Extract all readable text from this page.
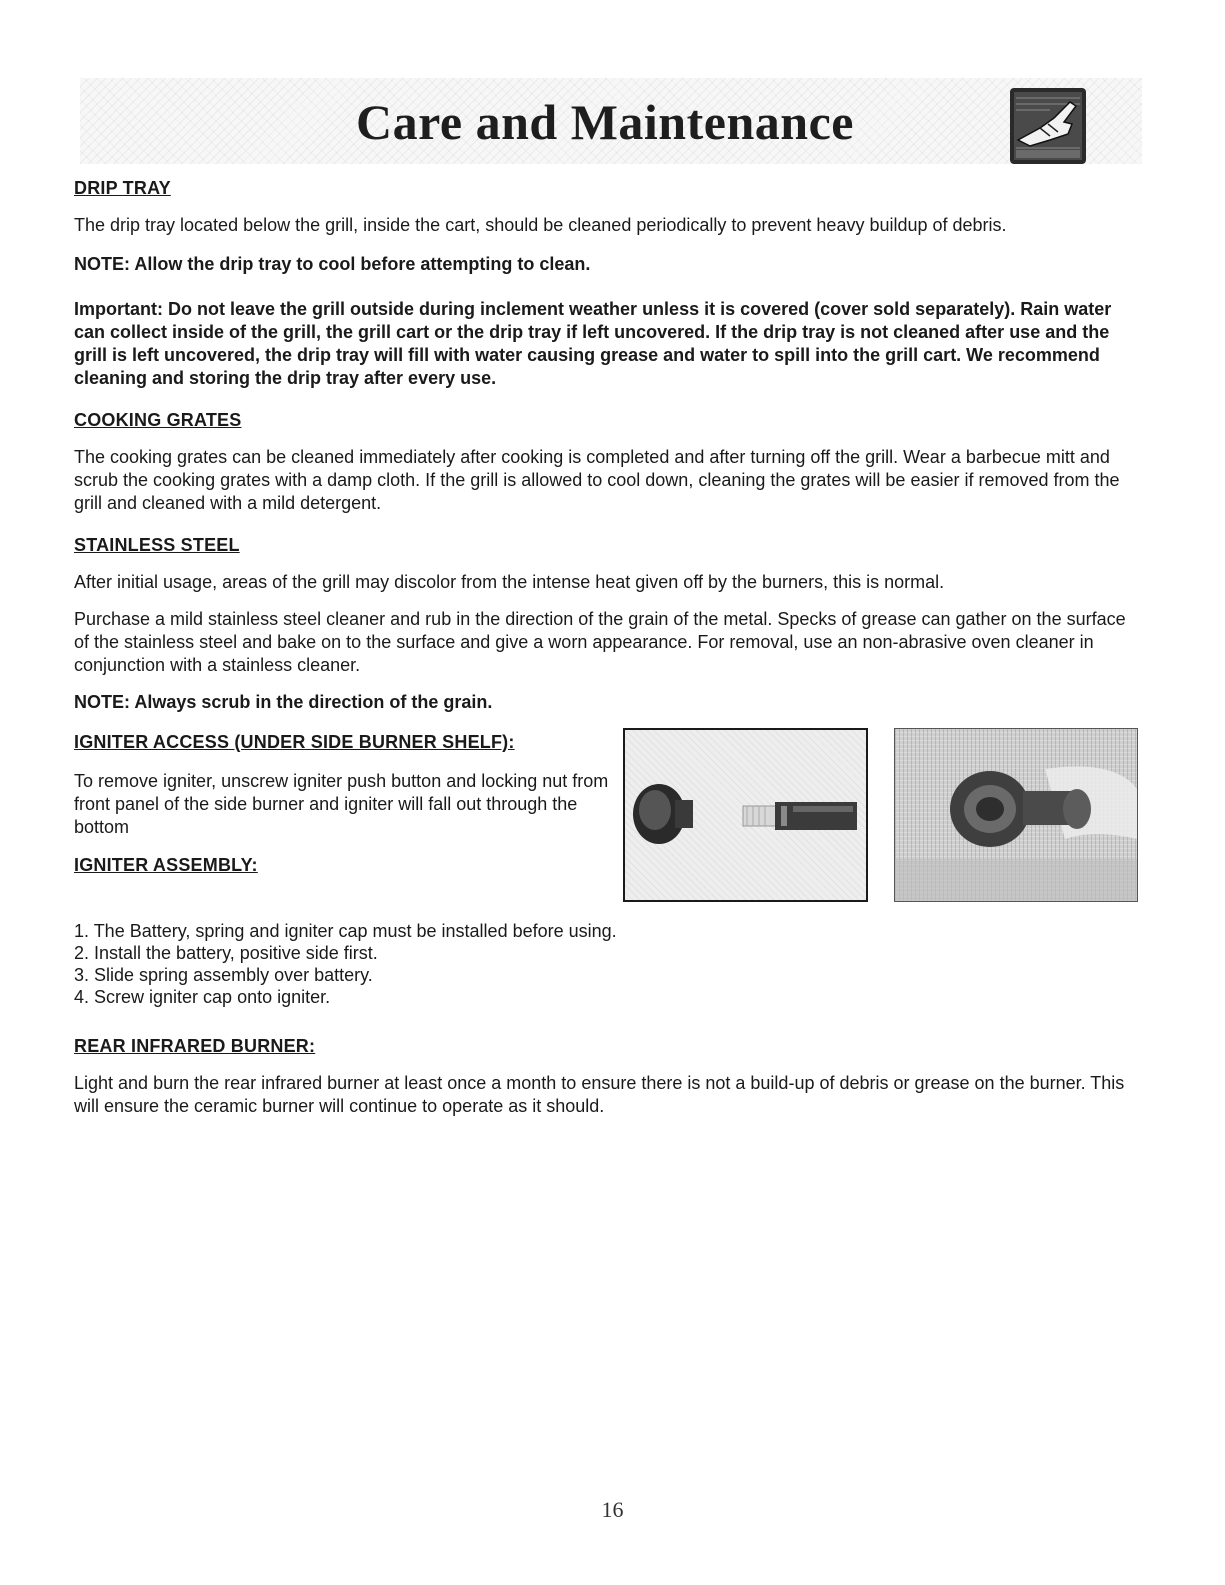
Care and Maintenance
DRIP TRAY
The drip tray located below the grill, inside the cart, should be cleaned periodically to prevent heavy buildup of debris.
NOTE: Allow the drip tray to cool before attempting to clean.
Important: Do not leave the grill outside during inclement weather unless it is covered (cover sold separately). Rain water can collect inside of the grill, the grill cart or the drip tray if left uncovered. If the drip tray is not cleaned after use and the grill is left uncovered, the drip tray will fill with water causing grease and water to spill into the grill cart. We recommend cleaning and storing the drip tray after every use.
COOKING GRATES
The cooking grates can be cleaned immediately after cooking is completed and after turning off the grill. Wear a barbecue mitt and scrub the cooking grates with a damp cloth. If the grill is allowed to cool down, cleaning the grates will be easier if removed from the grill and cleaned with a mild detergent.
STAINLESS STEEL
After initial usage, areas of the grill may discolor from the intense heat given off by the burners, this is normal.
Purchase a mild stainless steel cleaner and rub in the direction of the grain of the metal. Specks of grease can gather on the surface of the stainless steel and bake on to the surface and give a worn appearance. For removal, use an non-abrasive oven cleaner in conjunction with a stainless cleaner.
NOTE: Always scrub in the direction of the grain.
IGNITER ACCESS (UNDER SIDE BURNER SHELF):
To remove igniter, unscrew igniter push button and locking nut from front panel of the side burner and igniter will fall out through the bottom
IGNITER ASSEMBLY:
1. The Battery, spring and igniter cap must be installed before using.
2. Install the battery, positive side first.
3. Slide spring assembly over battery.
4. Screw igniter cap onto igniter.
REAR INFRARED BURNER:
Light and burn the rear infrared burner at least once a month to ensure there is not a build-up of debris or grease on the burner. This will ensure the ceramic burner will continue to operate as it should.
16
